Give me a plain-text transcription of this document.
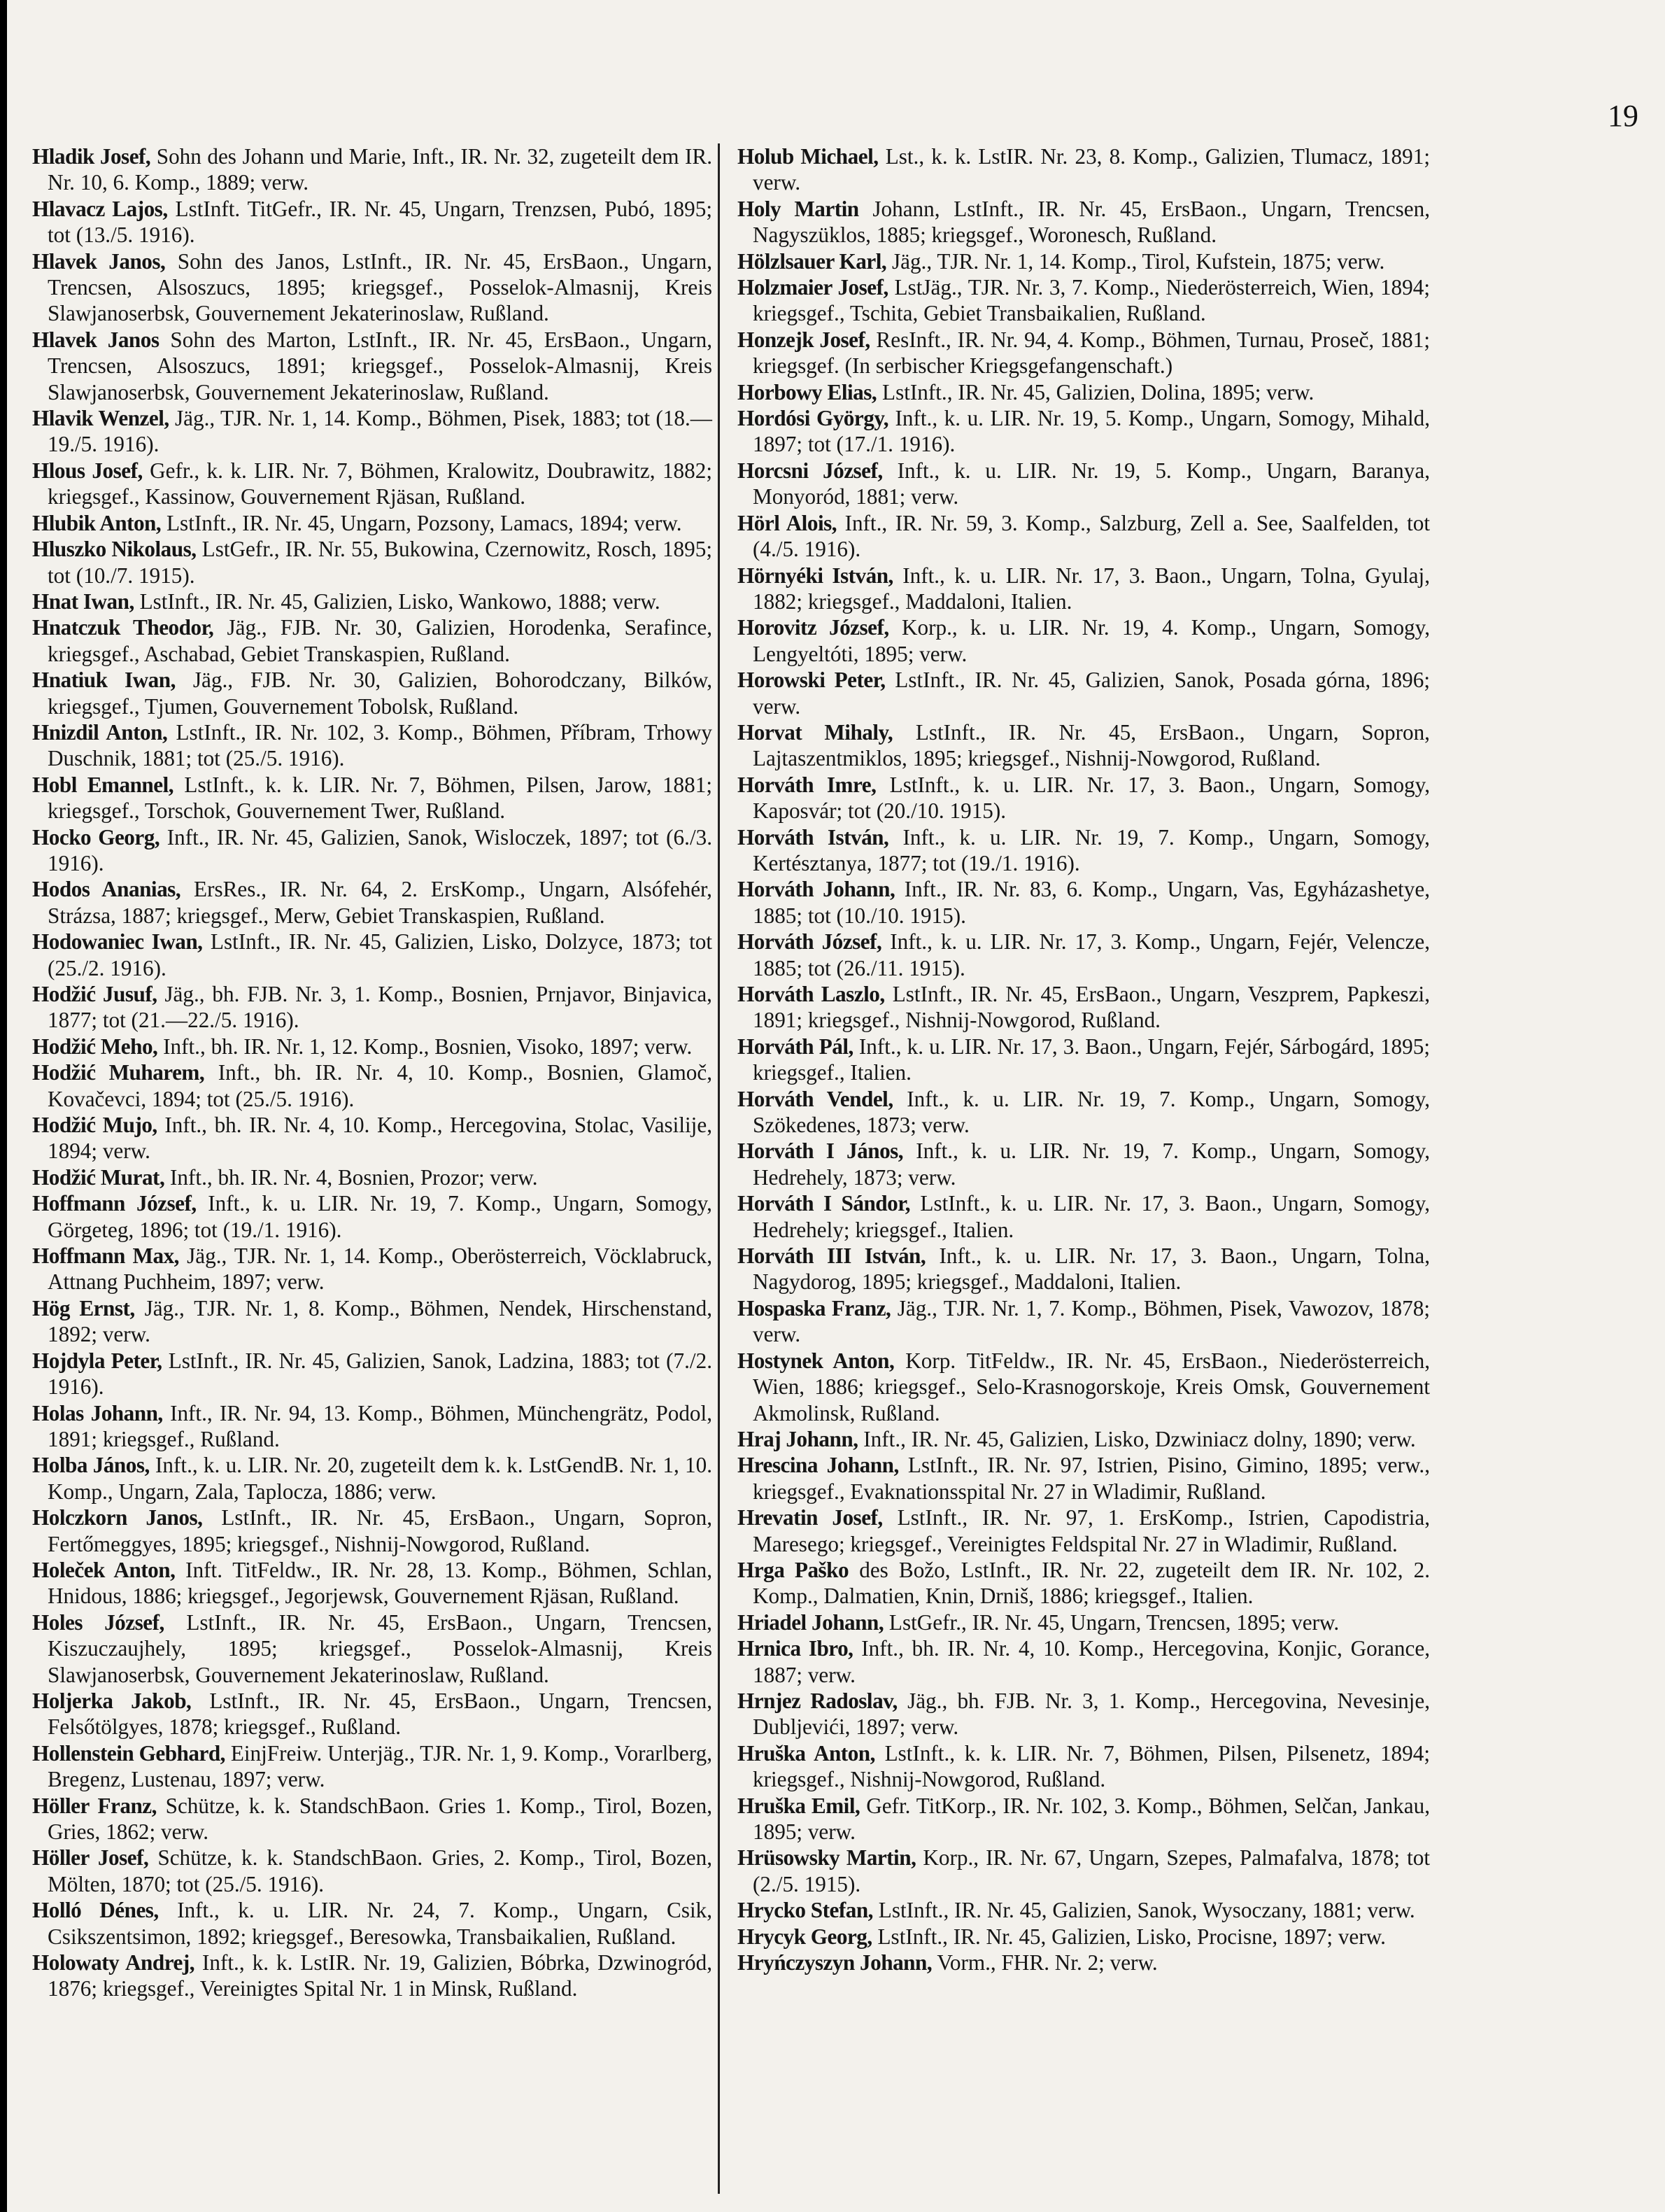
19

Hladik Josef, Sohn des Johann und Marie, Inft., IR. Nr. 32, zugeteilt dem IR. Nr. 10, 6. Komp., 1889; verw.

Hlavacz Lajos, LstInft. TitGefr., IR. Nr. 45, Ungarn, Trenzsen, Pubó, 1895; tot (13./5. 1916).

Hlavek Janos, Sohn des Janos, LstInft., IR. Nr. 45, ErsBaon., Ungarn, Trencsen, Alsoszucs, 1895; kriegsgef., Posselok-Almasnij, Kreis Slawjanoserbsk, Gouvernement Jekaterinoslaw, Rußland.

Hlavek Janos Sohn des Marton, LstInft., IR. Nr. 45, ErsBaon., Ungarn, Trencsen, Alsoszucs, 1891; kriegsgef., Posselok-Almasnij, Kreis Slawjanoserbsk, Gouvernement Jekaterinoslaw, Rußland.

Hlavik Wenzel, Jäg., TJR. Nr. 1, 14. Komp., Böhmen, Pisek, 1883; tot (18.—19./5. 1916).

Hlous Josef, Gefr., k. k. LIR. Nr. 7, Böhmen, Kralowitz, Doubrawitz, 1882; kriegsgef., Kassinow, Gouvernement Rjäsan, Rußland.

Hlubik Anton, LstInft., IR. Nr. 45, Ungarn, Pozsony, Lamacs, 1894; verw.

Hluszko Nikolaus, LstGefr., IR. Nr. 55, Bukowina, Czernowitz, Rosch, 1895; tot (10./7. 1915).

Hnat Iwan, LstInft., IR. Nr. 45, Galizien, Lisko, Wankowo, 1888; verw.

Hnatczuk Theodor, Jäg., FJB. Nr. 30, Galizien, Horodenka, Serafince, kriegsgef., Aschabad, Gebiet Transkaspien, Rußland.

Hnatiuk Iwan, Jäg., FJB. Nr. 30, Galizien, Bohorodczany, Bilków, kriegsgef., Tjumen, Gouvernement Tobolsk, Rußland.

Hnizdil Anton, LstInft., IR. Nr. 102, 3. Komp., Böhmen, Příbram, Trhowy Duschnik, 1881; tot (25./5. 1916).

Hobl Emannel, LstInft., k. k. LIR. Nr. 7, Böhmen, Pilsen, Jarow, 1881; kriegsgef., Torschok, Gouvernement Twer, Rußland.

Hocko Georg, Inft., IR. Nr. 45, Galizien, Sanok, Wisloczek, 1897; tot (6./3. 1916).

Hodos Ananias, ErsRes., IR. Nr. 64, 2. ErsKomp., Ungarn, Alsófehér, Strázsa, 1887; kriegsgef., Merw, Gebiet Transkaspien, Rußland.

Hodowaniec Iwan, LstInft., IR. Nr. 45, Galizien, Lisko, Dolzyce, 1873; tot (25./2. 1916).

Hodžić Jusuf, Jäg., bh. FJB. Nr. 3, 1. Komp., Bosnien, Prnjavor, Binjavica, 1877; tot (21.—22./5. 1916).

Hodžić Meho, Inft., bh. IR. Nr. 1, 12. Komp., Bosnien, Visoko, 1897; verw.

Hodžić Muharem, Inft., bh. IR. Nr. 4, 10. Komp., Bosnien, Glamoč, Kovačevci, 1894; tot (25./5. 1916).

Hodžić Mujo, Inft., bh. IR. Nr. 4, 10. Komp., Hercegovina, Stolac, Vasilije, 1894; verw.

Hodžić Murat, Inft., bh. IR. Nr. 4, Bosnien, Prozor; verw.

Hoffmann József, Inft., k. u. LIR. Nr. 19, 7. Komp., Ungarn, Somogy, Görgeteg, 1896; tot (19./1. 1916).

Hoffmann Max, Jäg., TJR. Nr. 1, 14. Komp., Oberösterreich, Vöcklabruck, Attnang Puchheim, 1897; verw.

Hög Ernst, Jäg., TJR. Nr. 1, 8. Komp., Böhmen, Nendek, Hirschenstand, 1892; verw.

Hojdyla Peter, LstInft., IR. Nr. 45, Galizien, Sanok, Ladzina, 1883; tot (7./2. 1916).

Holas Johann, Inft., IR. Nr. 94, 13. Komp., Böhmen, Münchengrätz, Podol, 1891; kriegsgef., Rußland.

Holba János, Inft., k. u. LIR. Nr. 20, zugeteilt dem k. k. LstGendB. Nr. 1, 10. Komp., Ungarn, Zala, Taplocza, 1886; verw.

Holczkorn Janos, LstInft., IR. Nr. 45, ErsBaon., Ungarn, Sopron, Fertőmeggyes, 1895; kriegsgef., Nishnij-Nowgorod, Rußland.

Holeček Anton, Inft. TitFeldw., IR. Nr. 28, 13. Komp., Böhmen, Schlan, Hnidous, 1886; kriegsgef., Jegorjewsk, Gouvernement Rjäsan, Rußland.

Holes József, LstInft., IR. Nr. 45, ErsBaon., Ungarn, Trencsen, Kiszuczaujhely, 1895; kriegsgef., Posselok-Almasnij, Kreis Slawjanoserbsk, Gouvernement Jekaterinoslaw, Rußland.

Holjerka Jakob, LstInft., IR. Nr. 45, ErsBaon., Ungarn, Trencsen, Felsőtölgyes, 1878; kriegsgef., Rußland.

Hollenstein Gebhard, EinjFreiw. Unterjäg., TJR. Nr. 1, 9. Komp., Vorarlberg, Bregenz, Lustenau, 1897; verw.

Höller Franz, Schütze, k. k. StandschBaon. Gries 1. Komp., Tirol, Bozen, Gries, 1862; verw.

Höller Josef, Schütze, k. k. StandschBaon. Gries, 2. Komp., Tirol, Bozen, Mölten, 1870; tot (25./5. 1916).

Holló Dénes, Inft., k. u. LIR. Nr. 24, 7. Komp., Ungarn, Csik, Csikszentsimon, 1892; kriegsgef., Beresowka, Transbaikalien, Rußland.

Holowaty Andrej, Inft., k. k. LstIR. Nr. 19, Galizien, Bóbrka, Dzwinogród, 1876; kriegsgef., Vereinigtes Spital Nr. 1 in Minsk, Rußland.

Holub Michael, Lst., k. k. LstIR. Nr. 23, 8. Komp., Galizien, Tlumacz, 1891; verw.

Holy Martin Johann, LstInft., IR. Nr. 45, ErsBaon., Ungarn, Trencsen, Nagyszüklos, 1885; kriegsgef., Woronesch, Rußland.

Hölzlsauer Karl, Jäg., TJR. Nr. 1, 14. Komp., Tirol, Kufstein, 1875; verw.

Holzmaier Josef, LstJäg., TJR. Nr. 3, 7. Komp., Niederösterreich, Wien, 1894; kriegsgef., Tschita, Gebiet Transbaikalien, Rußland.

Honzejk Josef, ResInft., IR. Nr. 94, 4. Komp., Böhmen, Turnau, Proseč, 1881; kriegsgef. (In serbischer Kriegsgefangenschaft.)

Horbowy Elias, LstInft., IR. Nr. 45, Galizien, Dolina, 1895; verw.

Hordósi György, Inft., k. u. LIR. Nr. 19, 5. Komp., Ungarn, Somogy, Mihald, 1897; tot (17./1. 1916).

Horcsni József, Inft., k. u. LIR. Nr. 19, 5. Komp., Ungarn, Baranya, Monyoród, 1881; verw.

Hörl Alois, Inft., IR. Nr. 59, 3. Komp., Salzburg, Zell a. See, Saalfelden, tot (4./5. 1916).

Hörnyéki István, Inft., k. u. LIR. Nr. 17, 3. Baon., Ungarn, Tolna, Gyulaj, 1882; kriegsgef., Maddaloni, Italien.

Horovitz József, Korp., k. u. LIR. Nr. 19, 4. Komp., Ungarn, Somogy, Lengyeltóti, 1895; verw.

Horowski Peter, LstInft., IR. Nr. 45, Galizien, Sanok, Posada górna, 1896; verw.

Horvat Mihaly, LstInft., IR. Nr. 45, ErsBaon., Ungarn, Sopron, Lajtaszentmiklos, 1895; kriegsgef., Nishnij-Nowgorod, Rußland.

Horváth Imre, LstInft., k. u. LIR. Nr. 17, 3. Baon., Ungarn, Somogy, Kaposvár; tot (20./10. 1915).

Horváth István, Inft., k. u. LIR. Nr. 19, 7. Komp., Ungarn, Somogy, Kertésztanya, 1877; tot (19./1. 1916).

Horváth Johann, Inft., IR. Nr. 83, 6. Komp., Ungarn, Vas, Egyházashetye, 1885; tot (10./10. 1915).

Horváth József, Inft., k. u. LIR. Nr. 17, 3. Komp., Ungarn, Fejér, Velencze, 1885; tot (26./11. 1915).

Horváth Laszlo, LstInft., IR. Nr. 45, ErsBaon., Ungarn, Veszprem, Papkeszi, 1891; kriegsgef., Nishnij-Nowgorod, Rußland.

Horváth Pál, Inft., k. u. LIR. Nr. 17, 3. Baon., Ungarn, Fejér, Sárbogárd, 1895; kriegsgef., Italien.

Horváth Vendel, Inft., k. u. LIR. Nr. 19, 7. Komp., Ungarn, Somogy, Szökedenes, 1873; verw.

Horváth I János, Inft., k. u. LIR. Nr. 19, 7. Komp., Ungarn, Somogy, Hedrehely, 1873; verw.

Horváth I Sándor, LstInft., k. u. LIR. Nr. 17, 3. Baon., Ungarn, Somogy, Hedrehely; kriegsgef., Italien.

Horváth III István, Inft., k. u. LIR. Nr. 17, 3. Baon., Ungarn, Tolna, Nagydorog, 1895; kriegsgef., Maddaloni, Italien.

Hospaska Franz, Jäg., TJR. Nr. 1, 7. Komp., Böhmen, Pisek, Vawozov, 1878; verw.

Hostynek Anton, Korp. TitFeldw., IR. Nr. 45, ErsBaon., Niederösterreich, Wien, 1886; kriegsgef., Selo-Krasnogorskoje, Kreis Omsk, Gouvernement Akmolinsk, Rußland.

Hraj Johann, Inft., IR. Nr. 45, Galizien, Lisko, Dzwiniacz dolny, 1890; verw.

Hrescina Johann, LstInft., IR. Nr. 97, Istrien, Pisino, Gimino, 1895; verw., kriegsgef., Evaknationsspital Nr. 27 in Wladimir, Rußland.

Hrevatin Josef, LstInft., IR. Nr. 97, 1. ErsKomp., Istrien, Capodistria, Maresego; kriegsgef., Vereinigtes Feldspital Nr. 27 in Wladimir, Rußland.

Hrga Paško des Božo, LstInft., IR. Nr. 22, zugeteilt dem IR. Nr. 102, 2. Komp., Dalmatien, Knin, Drniš, 1886; kriegsgef., Italien.

Hriadel Johann, LstGefr., IR. Nr. 45, Ungarn, Trencsen, 1895; verw.

Hrnica Ibro, Inft., bh. IR. Nr. 4, 10. Komp., Hercegovina, Konjic, Gorance, 1887; verw.

Hrnjez Radoslav, Jäg., bh. FJB. Nr. 3, 1. Komp., Hercegovina, Nevesinje, Dubljevići, 1897; verw.

Hruška Anton, LstInft., k. k. LIR. Nr. 7, Böhmen, Pilsen, Pilsenetz, 1894; kriegsgef., Nishnij-Nowgorod, Rußland.

Hruška Emil, Gefr. TitKorp., IR. Nr. 102, 3. Komp., Böhmen, Selčan, Jankau, 1895; verw.

Hrüsowsky Martin, Korp., IR. Nr. 67, Ungarn, Szepes, Palmafalva, 1878; tot (2./5. 1915).

Hrycko Stefan, LstInft., IR. Nr. 45, Galizien, Sanok, Wysoczany, 1881; verw.

Hrycyk Georg, LstInft., IR. Nr. 45, Galizien, Lisko, Procisne, 1897; verw.

Hryńczyszyn Johann, Vorm., FHR. Nr. 2; verw.
